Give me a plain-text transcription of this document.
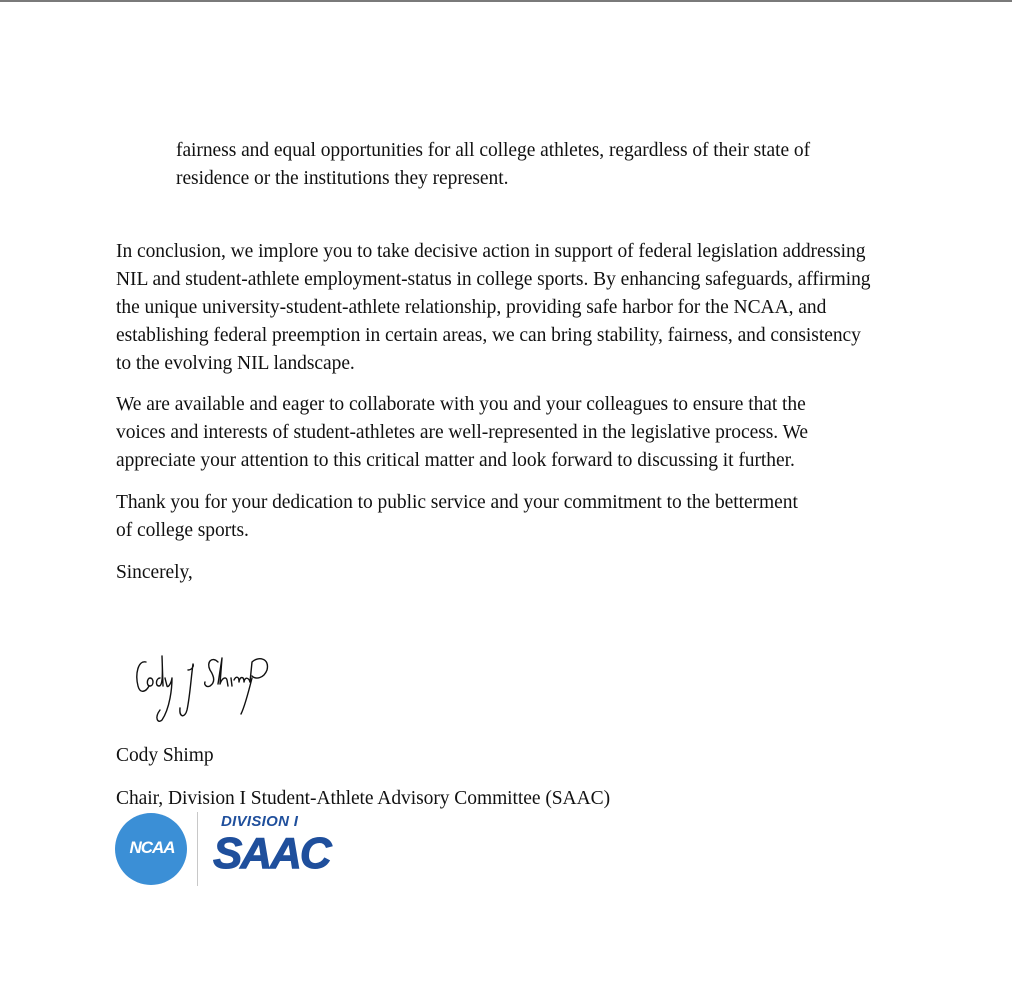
fairness and equal opportunities for all college athletes, regardless of their state of
residence or the institutions they represent.

In conclusion, we implore you to take decisive action in support of federal legislation addressing
NIL and student-athlete employment-status in college sports. By enhancing safeguards, affirming
the unique university-student-athlete relationship, providing safe harbor for the NCAA, and
establishing federal preemption in certain areas, we can bring stability, fairness, and consistency
to the evolving NIL landscape.

We are available and eager to collaborate with you and your colleagues to ensure that the
voices and interests of student-athletes are well-represented in the legislative process. We
appreciate your attention to this critical matter and look forward to discussing it further.

Thank you for your dedication to public service and your commitment to the betterment
of college sports.

Sincerely,

Cody Shimp

Chair, Division I Student-Athlete Advisory Committee (SAAC)

NCAA
DIVISION I
SAAC
